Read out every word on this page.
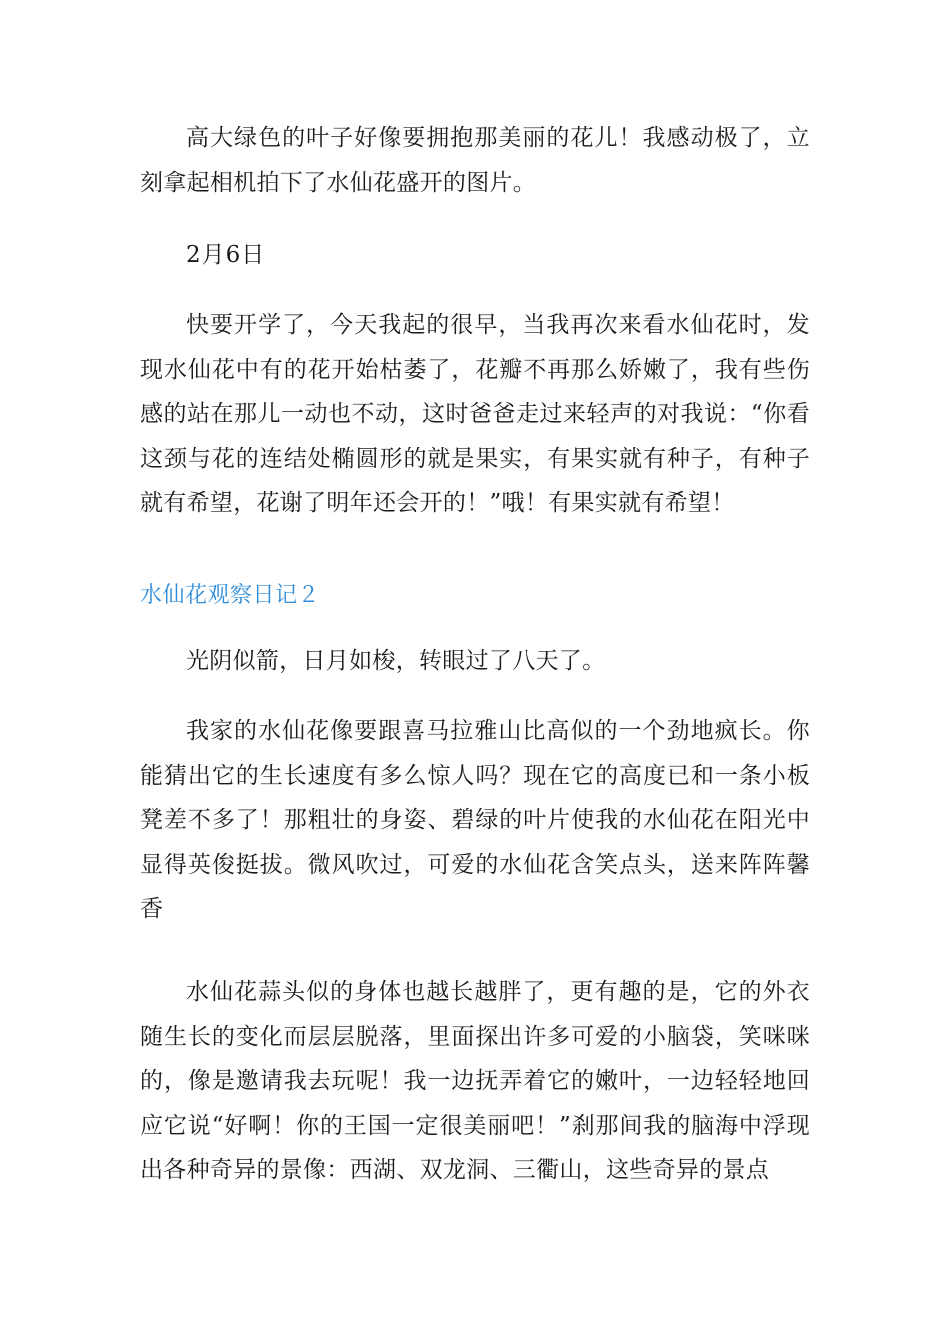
高大绿色的叶子好像要拥抱那美丽的花儿！我感动极了，立刻拿起相机拍下了水仙花盛开的图片。

2月6日

快要开学了，今天我起的很早，当我再次来看水仙花时，发现水仙花中有的花开始枯萎了，花瓣不再那么娇嫩了，我有些伤感的站在那儿一动也不动，这时爸爸走过来轻声的对我说：“你看这颈与花的连结处椭圆形的就是果实，有果实就有种子，有种子就有希望，花谢了明年还会开的！”哦！有果实就有希望！

水仙花观察日记２

光阴似箭，日月如梭，转眼过了八天了。

我家的水仙花像要跟喜马拉雅山比高似的一个劲地疯长。你能猜出它的生长速度有多么惊人吗？现在它的高度已和一条小板凳差不多了！那粗壮的身姿、碧绿的叶片使我的水仙花在阳光中显得英俊挺拔。微风吹过，可爱的水仙花含笑点头，送来阵阵馨香

水仙花蒜头似的身体也越长越胖了，更有趣的是，它的外衣随生长的变化而层层脱落，里面探出许多可爱的小脑袋，笑咪咪的，像是邀请我去玩呢！我一边抚弄着它的嫩叶，一边轻轻地回应它说“好啊！你的王国一定很美丽吧！”刹那间我的脑海中浮现出各种奇异的景像：西湖、双龙洞、三衢山，这些奇异的景点
